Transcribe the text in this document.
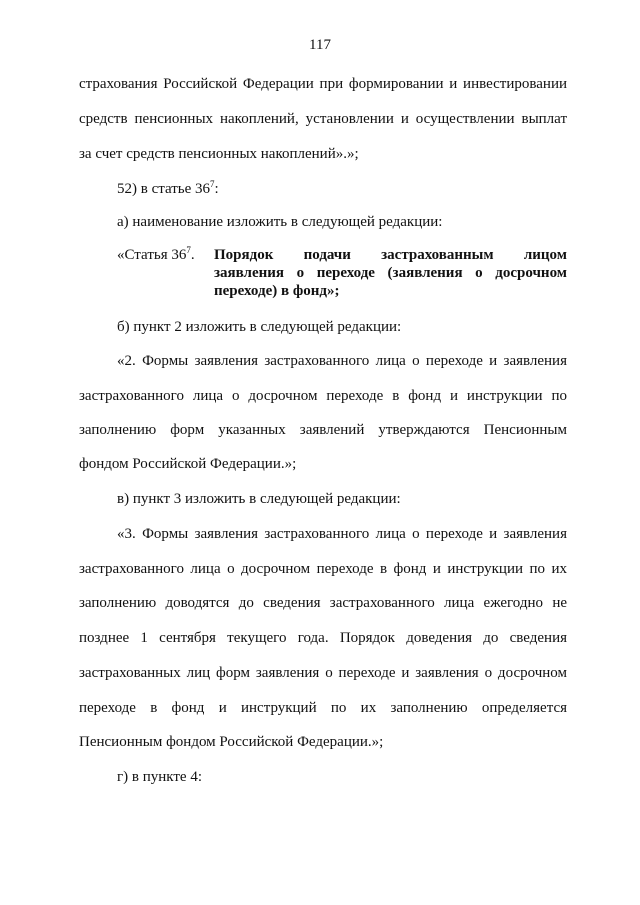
117
страхования Российской Федерации при формировании и инвестировании
средств пенсионных накоплений, установлении и осуществлении выплат
за счет средств пенсионных накоплений».»;
52) в статье $36^7$:
а) наименование изложить в следующей редакции:
«Статья $36^7$.	Порядок подачи застрахованным лицом
заявления о переходе (заявления о досрочном
переходе) в фонд»;
б) пункт 2 изложить в следующей редакции:
«2. Формы заявления застрахованного лица о переходе и заявления
застрахованного лица о досрочном переходе в фонд и инструкции по
заполнению форм указанных заявлений утверждаются Пенсионным
фондом Российской Федерации.»;
в) пункт 3 изложить в следующей редакции:
«3. Формы заявления застрахованного лица о переходе и заявления
застрахованного лица о досрочном переходе в фонд и инструкции по их
заполнению доводятся до сведения застрахованного лица ежегодно не
позднее 1 сентября текущего года. Порядок доведения до сведения
застрахованных лиц форм заявления о переходе и заявления о досрочном
переходе в фонд и инструкций по их заполнению определяется
Пенсионным фондом Российской Федерации.»;
г) в пункте 4:
